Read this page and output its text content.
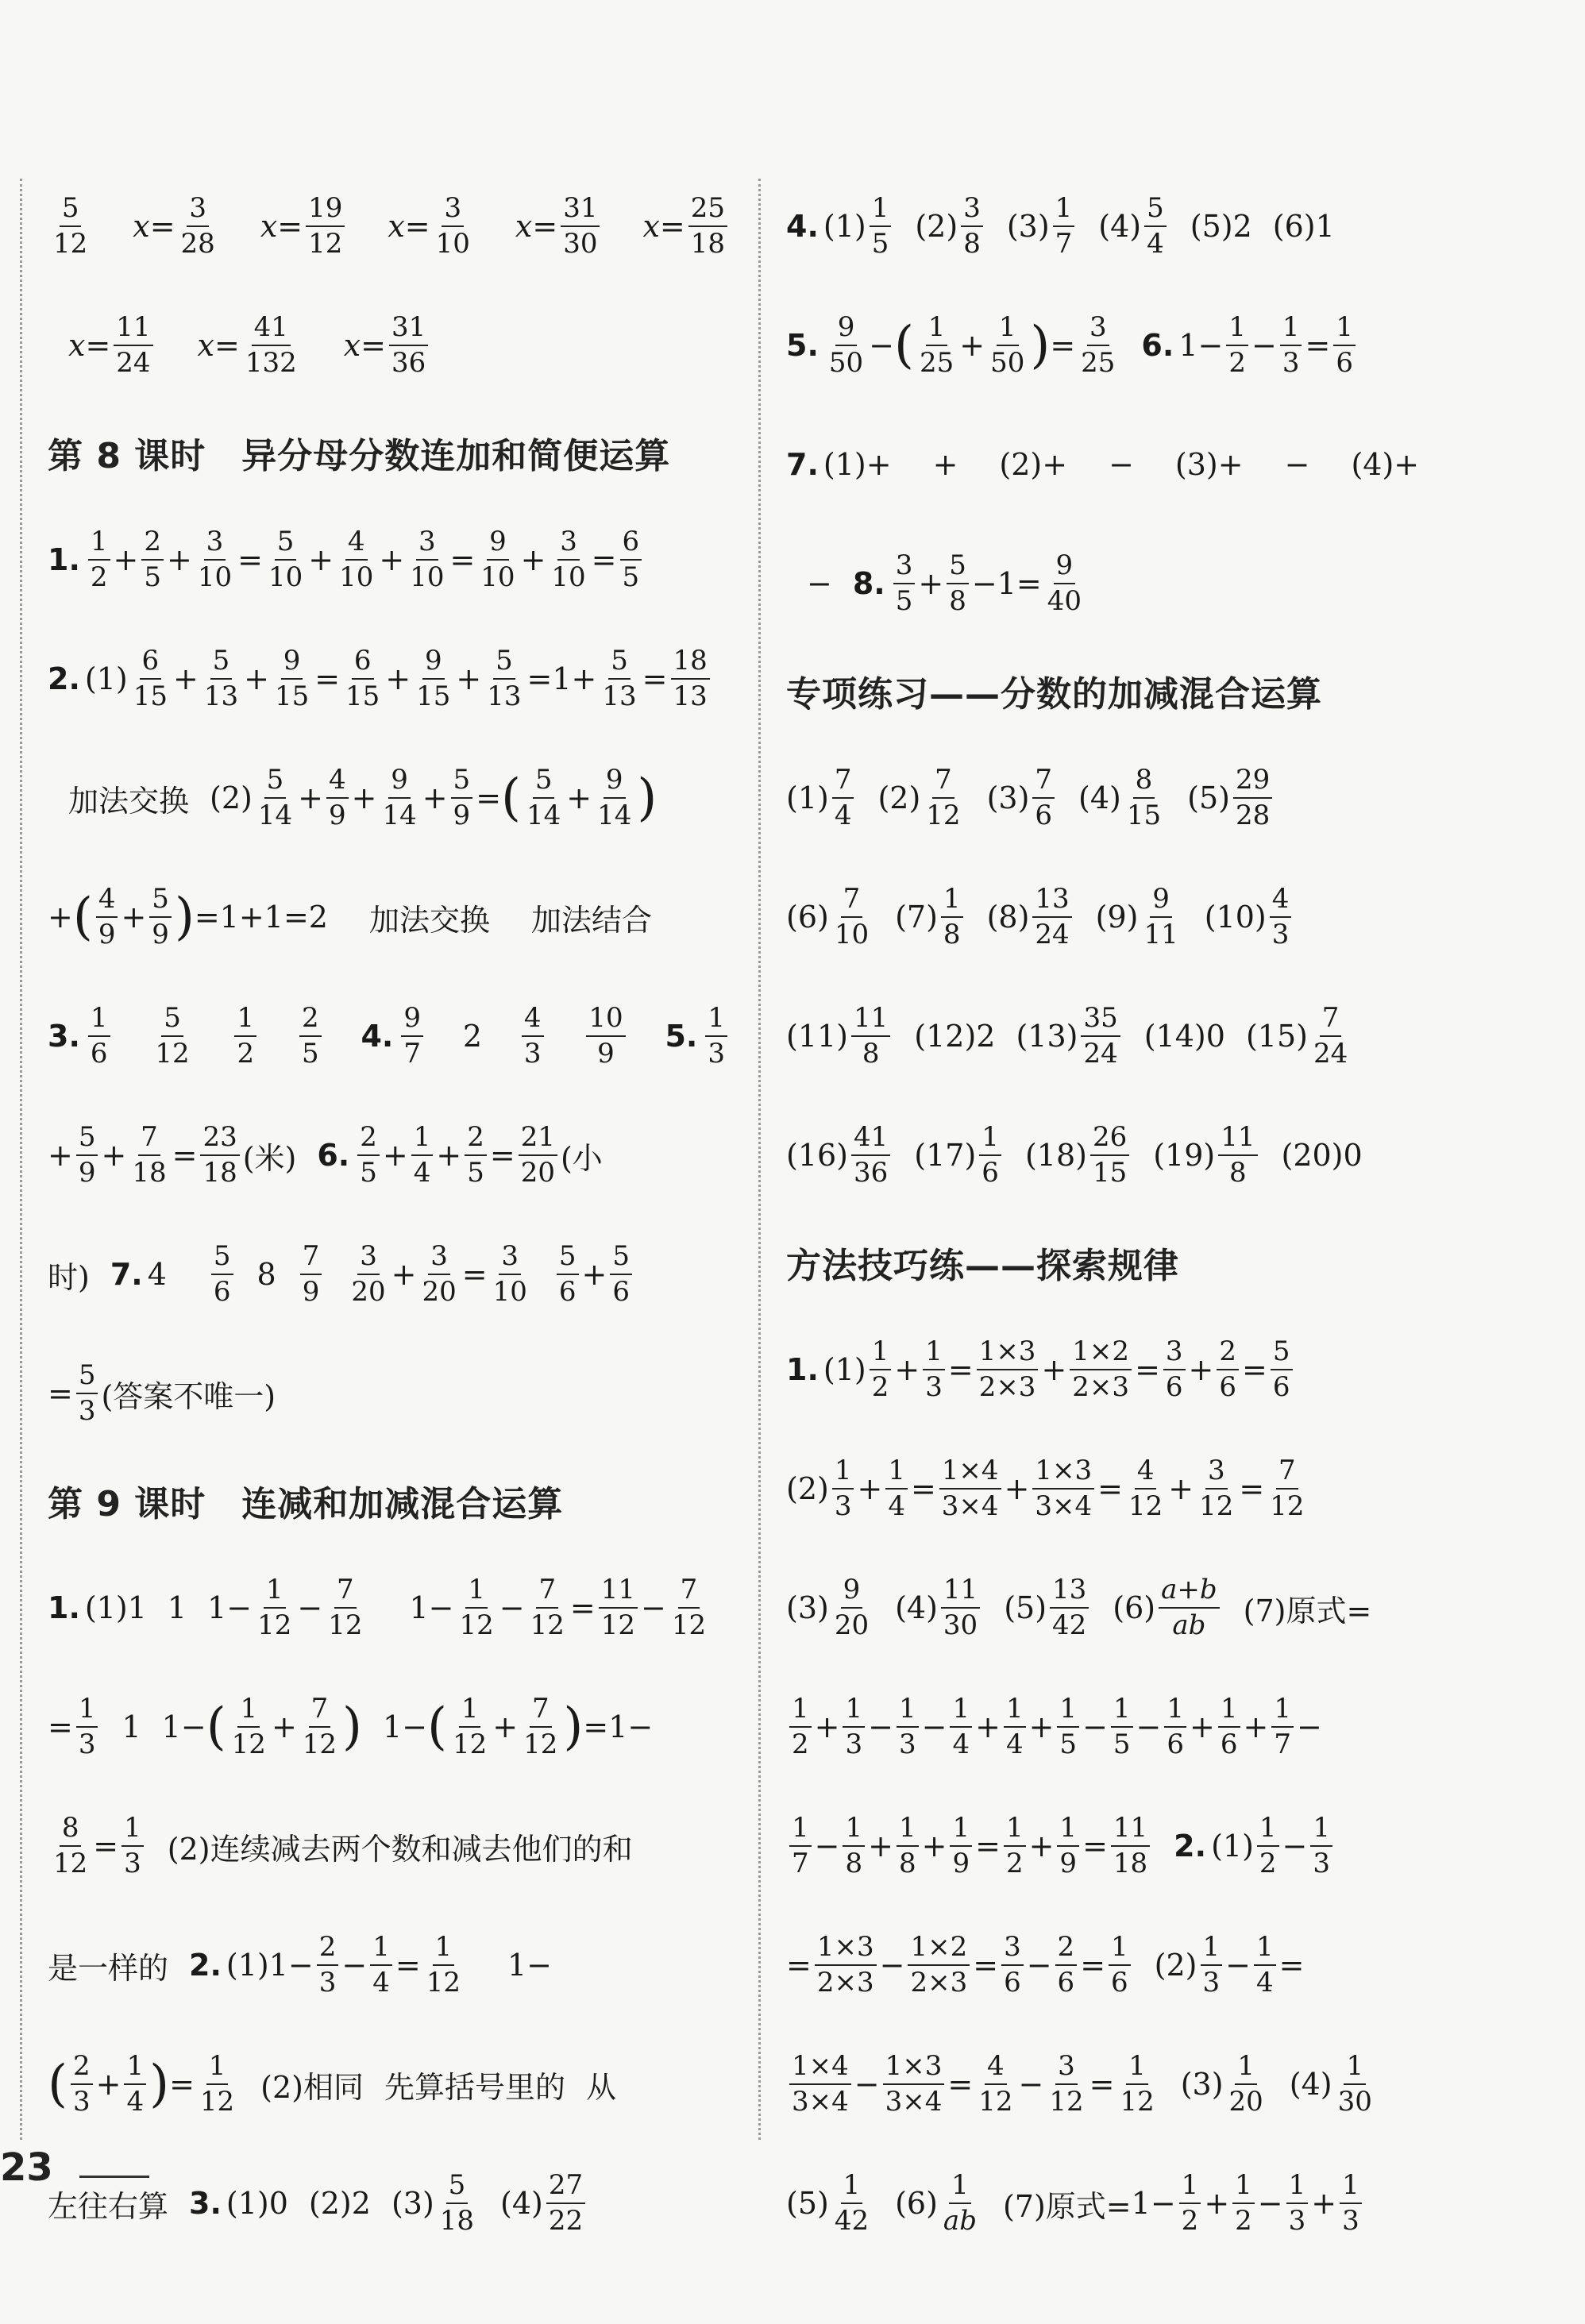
$\frac{5}{12}$ $x = \frac{3}{28}$ $x = \frac{19}{12}$ $x = \frac{3}{10}$ $x = \frac{31}{30}$ $x = \frac{25}{18}$
$x = \frac{11}{24}$ $x = \frac{41}{132}$ $x = \frac{31}{36}$
第 8 课时　异分母分数连加和简便运算
1. $\frac{1}{2} + \frac{2}{5} + \frac{3}{10} = \frac{5}{10} + \frac{4}{10} + \frac{3}{10} = \frac{9}{10} + \frac{3}{10} = \frac{6}{5}$
2. $(1) \frac{6}{15} + \frac{5}{13} + \frac{9}{15} = \frac{6}{15} + \frac{9}{15} + \frac{5}{13} =1+ \frac{5}{13} = \frac{18}{13}$
加法交换 $(2) \frac{5}{14} + \frac{4}{9} + \frac{9}{14} + \frac{5}{9}$ = ( $\frac{5}{14} + \frac{9}{14}$ )
+ ( $\frac{4}{9} + \frac{5}{9}$ ) =1+1=2 加法交换 加法结合
3. $\frac{1}{6} \frac{5}{12} \frac{1}{2} \frac{2}{5} 4$. $\frac{9}{7} 2 \frac{4}{3} \frac{10}{9} 5$. $\frac{1}{3}$
+ $\frac{5}{9} + \frac{7}{18} = \frac{23}{18}$ (米) 6. $\frac{2}{5} + \frac{1}{4} + \frac{2}{5} = \frac{21}{20}$ (小
时) 7. $4 \frac{5}{6} 8 \frac{7}{9} \frac{3}{20} + \frac{3}{20} = \frac{3}{10} \frac{5}{6} + \frac{5}{6}$
= $\frac{5}{3}$ (答案不唯一)
第 9 课时　连减和加减混合运算
1. (1)1 1 $1- \frac{1}{12} - \frac{7}{12} 1- \frac{1}{12} - \frac{7}{12} = \frac{11}{12} - \frac{7}{12}$
= $\frac{1}{3} 1$ 1− ( $\frac{1}{12} + \frac{7}{12}$ ) 1− ( $\frac{1}{12} + \frac{7}{12}$ ) =1−
$\frac{8}{12} = \frac{1}{3} (2)$连续减去两个数和减去他们的和
是一样的 2. $(1)1- \frac{2}{3} - \frac{1}{4} = \frac{1}{12} 1-$
( $\frac{2}{3} + \frac{1}{4}$ ) = $\frac{1}{12} (2)$相同 先算括号里的 从
左往右算 3. (1)0 (2)2 $(3) \frac{5}{18} (4) \frac{27}{22}$
4. $(1) \frac{1}{5} (2) \frac{3}{8} (3) \frac{1}{7} (4) \frac{5}{4} (5)2$ (6)1
5. $\frac{9}{50}$ − ( $\frac{1}{25} + \frac{1}{50}$ ) = $\frac{3}{25} 6$. $1- \frac{1}{2} - \frac{1}{3} = \frac{1}{6}$
7. (1)+ + (2)+ − (3)+ − (4)+
− 8. $\frac{3}{5} + \frac{5}{8} -1= \frac{9}{40}$
专项练习——分数的加减混合运算
$(1) \frac{7}{4} (2) \frac{7}{12} (3) \frac{7}{6} (4) \frac{8}{15} (5) \frac{29}{28}$
$(6) \frac{7}{10} (7) \frac{1}{8} (8) \frac{13}{24} (9) \frac{9}{11} (10) \frac{4}{3}$
$(11) \frac{11}{8} (12)2$ $(13) \frac{35}{24} (14)0$ $(15) \frac{7}{24}$
$(16) \frac{41}{36} (17) \frac{1}{6} (18) \frac{26}{15} (19) \frac{11}{8} (20)0$
方法技巧练——探索规律
1. $(1) \frac{1}{2} + \frac{1}{3} = \frac{1\times 3}{2\times 3} + \frac{1\times 2}{2\times 3} = \frac{3}{6} + \frac{2}{6} = \frac{5}{6}$
$(2) \frac{1}{3} + \frac{1}{4} = \frac{1\times 4}{3\times 4} + \frac{1\times 3}{3\times 4} = \frac{4}{12} + \frac{3}{12} = \frac{7}{12}$
$(3) \frac{9}{20} (4) \frac{11}{30} (5) \frac{13}{42} (6) \frac{a+b}{ab} (7)$原式=
$\frac{1}{2} + \frac{1}{3} - \frac{1}{3} - \frac{1}{4} + \frac{1}{4} + \frac{1}{5} - \frac{1}{5} - \frac{1}{6} + \frac{1}{6} + \frac{1}{7}$ −
$\frac{1}{7} - \frac{1}{8} + \frac{1}{8} + \frac{1}{9} = \frac{1}{2} + \frac{1}{9} = \frac{11}{18} 2$. $(1) \frac{1}{2} - \frac{1}{3}$
= $\frac{1\times 3}{2\times 3} - \frac{1\times 2}{2\times 3} = \frac{3}{6} - \frac{2}{6} = \frac{1}{6} (2) \frac{1}{3} - \frac{1}{4}$ =
$\frac{1\times 4}{3\times 4} - \frac{1\times 3}{3\times 4} = \frac{4}{12} - \frac{3}{12} = \frac{1}{12} (3) \frac{1}{20} (4) \frac{1}{30}$
$(5) \frac{1}{42} (6) \frac{1}{ab} (7)$原式= $1- \frac{1}{2} + \frac{1}{2} - \frac{1}{3} + \frac{1}{3}$
23
